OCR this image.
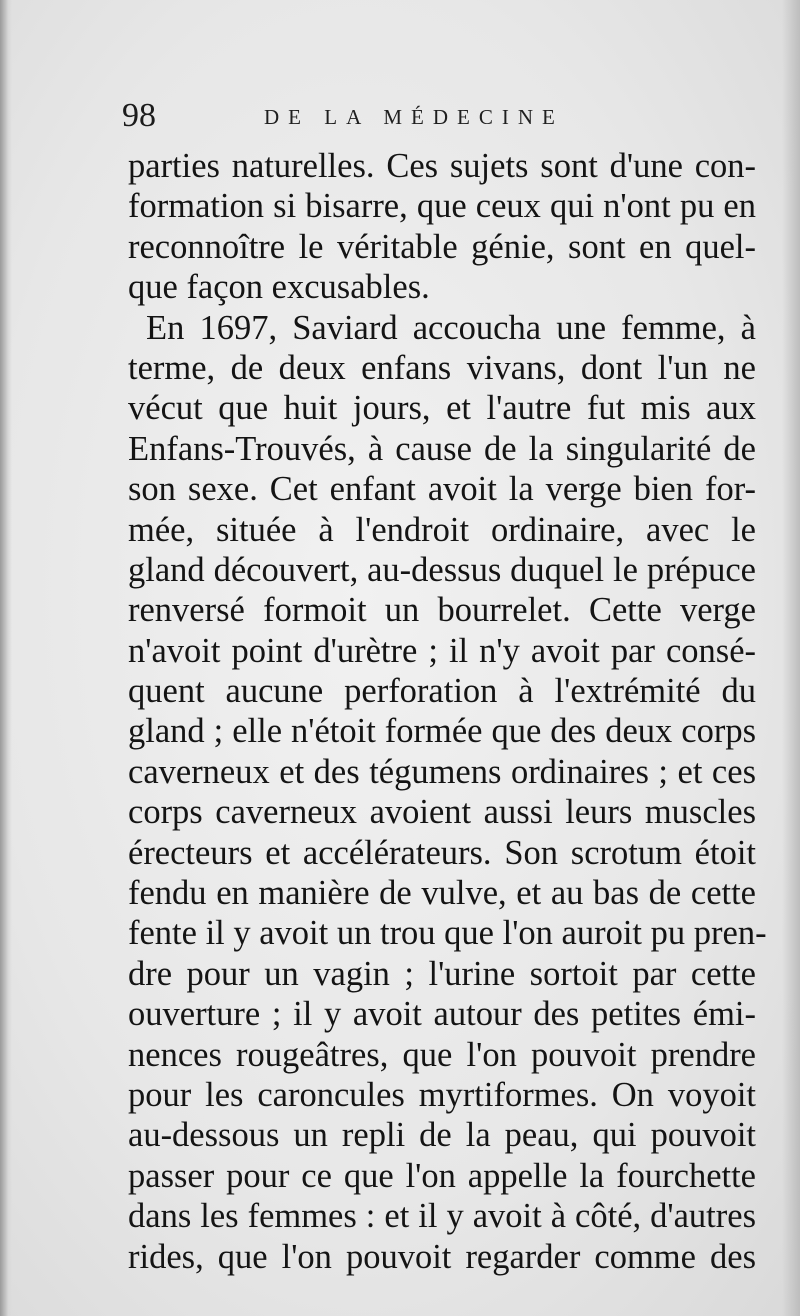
98	DE LA MÉDECINE
parties naturelles. Ces sujets sont d'une con-
formation si bisarre, que ceux qui n'ont pu en
reconnoître le véritable génie, sont en quel-
que façon excusables.
En 1697, Saviard accoucha une femme, à
terme, de deux enfans vivans, dont l'un ne
vécut que huit jours, et l'autre fut mis aux
Enfans-Trouvés, à cause de la singularité de
son sexe. Cet enfant avoit la verge bien for-
mée, située à l'endroit ordinaire, avec le
gland découvert, au-dessus duquel le prépuce
renversé formoit un bourrelet. Cette verge
n'avoit point d'urètre ; il n'y avoit par consé-
quent aucune perforation à l'extrémité du
gland ; elle n'étoit formée que des deux corps
caverneux et des tégumens ordinaires ; et ces
corps caverneux avoient aussi leurs muscles
érecteurs et accélérateurs. Son scrotum étoit
fendu en manière de vulve, et au bas de cette
fente il y avoit un trou que l'on auroit pu pren-
dre pour un vagin ; l'urine sortoit par cette
ouverture ; il y avoit autour des petites émi-
nences rougeâtres, que l'on pouvoit prendre
pour les caroncules myrtiformes. On voyoit
au-dessous un repli de la peau, qui pouvoit
passer pour ce que l'on appelle la fourchette
dans les femmes : et il y avoit à côté, d'autres
rides, que l'on pouvoit regarder comme des
